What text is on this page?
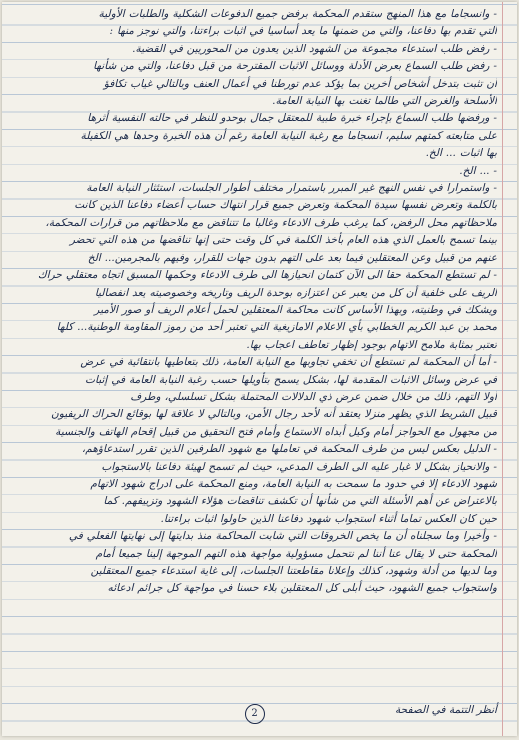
- وانسجاما مع هذا المنهج ستقدم المحكمة برفض جميع الدفوعات الشكلية والطلبات الأولية
التي تقدم بها دفاعنا، والتي من ضمنها ما يعد أساسيا في اثبات براءتنا، والتي نوجز منها :
- رفض طلب استدعاء مجموعة من الشهود الذين يعدون من المحوريين في القضية.
- رفض طلب السماع بعرض الأدلة ووسائل الاثبات المقترحة من قبل دفاعنا، والتي من شأنها
أن تثبت بتدخل أشخاص أخرين بما يؤكد عدم تورطنا في أعمال العنف وبالتالي غياب تكافؤ
الأسلحة والغرض التي طالما تغنت بها النيابة العامة.
- ورفضها طلب السماع بإجراء خبرة طبية للمعتقل جمال بوحدو للنظر في حالته النفسية أثرها
على متابعته كمتهم سليم، انسجاما مع رغبة النيابة العامة رغم أن هذه الخبرة وحدها هي الكفيلة
بها اثبات ... الخ.
- ... الخ.
- واستمرارا في نفس النهج غير المبرر باستمرار مختلف أطوار الجلسات، استئثار النيابة العامة
بالكلمة وتعرض نفسها سيدة المحكمة وتعرض جميع قرار انتهاك حساب أعضاء دفاعنا الذين كانت
ملاحظاتهم محل الرفض، كما يرغب طرف الادعاء وغالبا ما تتناقض مع ملاحظاتهم من قرارات المحكمة،
بينما تسمح بالعمل الذي هذه العام بأخذ الكلمة في كل وقت حتى إنها تناقضها من هذه التي تحضر
عنهم من قبيل وعن المعتقلين فيما بعد على التهم بدون جهات للقرار، وفيهم بالمجرمين... الخ
- لم تستطع المحكمة حقا الى الآن كتمان انحيازها الى طرف الادعاء وحكمها المسبق اتجاه معتقلي حراك
الريف على خلفية أن كل من يعبر عن اعتزازه بوحدة الريف وتاريخه وخصوصيته يعد انفصاليا
ويشكك في وطنيته، وبهذا الأساس كانت محاكمة المعتقلين لحمل أعلام الريف أو صور الأمير
محمد بن عبد الكريم الخطابي بأي الاعلام الامازيغية التي تعتبر أحد من رموز المقاومة الوطنية... كلها
تعتبر بمثابة ملامح الاتهام بوجود إظهار تعاطف اعجاب بها.
- أما أن المحكمة لم تستطع أن تخفي تجاوبها مع النيابة العامة، ذلك بتعاطيها بانتقائية في عرض
في عرض وسائل الاثبات المقدمة لها، بشكل يسمح بتأويلها حسب رغبة النيابة العامة في إثبات
أولا التهم، ذلك من خلال ضمن عرض ذي الدلالات المحتملة بشكل تسلسلي، وطرف
قبيل الشريط الذي يظهر منزلا يعتقد أنه لأحد رجال الأمن، وبالتالي لا علاقة لها بوقائع الحراك الريفيون
من مجهول مع الحواجز أمام وكيل أبداه الاستماع وأمام فتح التحقيق من قبيل إقحام الهاتف والجنسية
- الدليل بعكس ليس من طرف المحكمة في تعاملها مع شهود الطرفين الذين تقرر استدعاؤهم،
- والانحياز بشكل لا غبار عليه الى الطرف المدعي، حيث لم تسمح لهيئة دفاعنا بالاستجواب
شهود الادعاء إلا في حدود ما سمحت به النيابة العامة، ومنع المحكمة على ادراج شهود الاتهام
بالاعتراض عن أهم الأسئلة التي من شأنها أن تكشف تناقضات هؤلاء الشهود وتزييفهم. كما
حين كان العكس تماما أثناء استجواب شهود دفاعنا الذين حاولوا اثبات براءتنا.
- وأخيرا وما سجلناه أن ما يخص الخروقات التي شابت المحاكمة منذ بدايتها إلى نهايتها الفعلي في
المحكمة حتى لا يقال عنا أننا لم نتحمل مسؤولية مواجهة هذه التهم الموجهة إلينا جميعا أمام
وما لديها من أدلة وشهود، كذلك وإعلانا مقاطعتنا الجلسات، إلى غاية استدعاء جميع المعتقلين
واستجواب جميع الشهود، حيث أبلى كل المعتقلين بلاء حسنا في مواجهة كل جرائم ادعائه
أنظر التتمة في الصفحة
2
